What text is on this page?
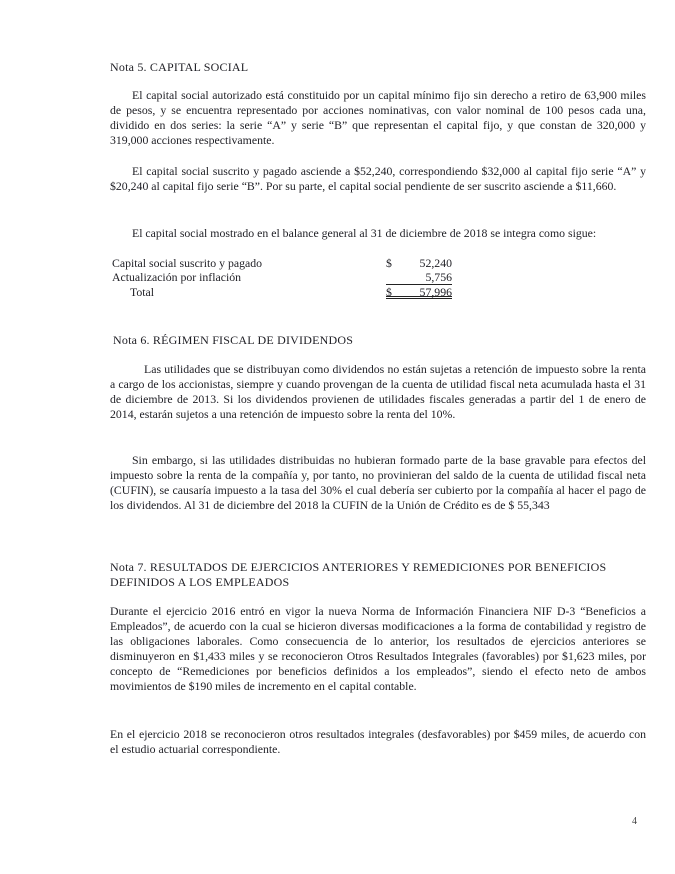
Nota 5. CAPITAL SOCIAL
El capital social autorizado está constituido por un capital mínimo fijo sin derecho a retiro de 63,900 miles de pesos, y se encuentra representado por acciones nominativas, con valor nominal de 100 pesos cada una, dividido en dos series: la serie “A” y serie “B” que representan el capital fijo, y que constan de 320,000 y 319,000 acciones respectivamente.
El capital social suscrito y pagado asciende a $52,240, correspondiendo $32,000 al capital fijo serie “A” y $20,240 al capital fijo serie “B”. Por su parte, el capital social pendiente de ser suscrito asciende a $11,660.
El capital social mostrado en el balance general al 31 de diciembre de 2018 se integra como sigue:
Capital social suscrito y pagado	$ 52,240
Actualización por inflación	5,756
Total	$ 57,996
Nota 6. RÉGIMEN FISCAL DE DIVIDENDOS
Las utilidades que se distribuyan como dividendos no están sujetas a retención de impuesto sobre la renta a cargo de los accionistas, siempre y cuando provengan de la cuenta de utilidad fiscal neta acumulada hasta el 31 de diciembre de 2013. Si los dividendos provienen de utilidades fiscales generadas a partir del 1 de enero de 2014, estarán sujetos a una retención de impuesto sobre la renta del 10%.
Sin embargo, si las utilidades distribuidas no hubieran formado parte de la base gravable para efectos del impuesto sobre la renta de la compañía y, por tanto, no provinieran del saldo de la cuenta de utilidad fiscal neta (CUFIN), se causaría impuesto a la tasa del 30% el cual debería ser cubierto por la compañía al hacer el pago de los dividendos. Al 31 de diciembre del 2018 la CUFIN de la Unión de Crédito es de $ 55,343
Nota 7. RESULTADOS DE EJERCICIOS ANTERIORES Y REMEDICIONES POR BENEFICIOS
DEFINIDOS A LOS EMPLEADOS
Durante el ejercicio 2016 entró en vigor la nueva Norma de Información Financiera NIF D-3 “Beneficios a Empleados”, de acuerdo con la cual se hicieron diversas modificaciones a la forma de contabilidad y registro de las obligaciones laborales. Como consecuencia de lo anterior, los resultados de ejercicios anteriores se disminuyeron en $1,433 miles y se reconocieron Otros Resultados Integrales (favorables) por $1,623 miles, por concepto de “Remediciones por beneficios definidos a los empleados”, siendo el efecto neto de ambos movimientos de $190 miles de incremento en el capital contable.
En el ejercicio 2018 se reconocieron otros resultados integrales (desfavorables) por $459 miles, de acuerdo con el estudio actuarial correspondiente.
4
